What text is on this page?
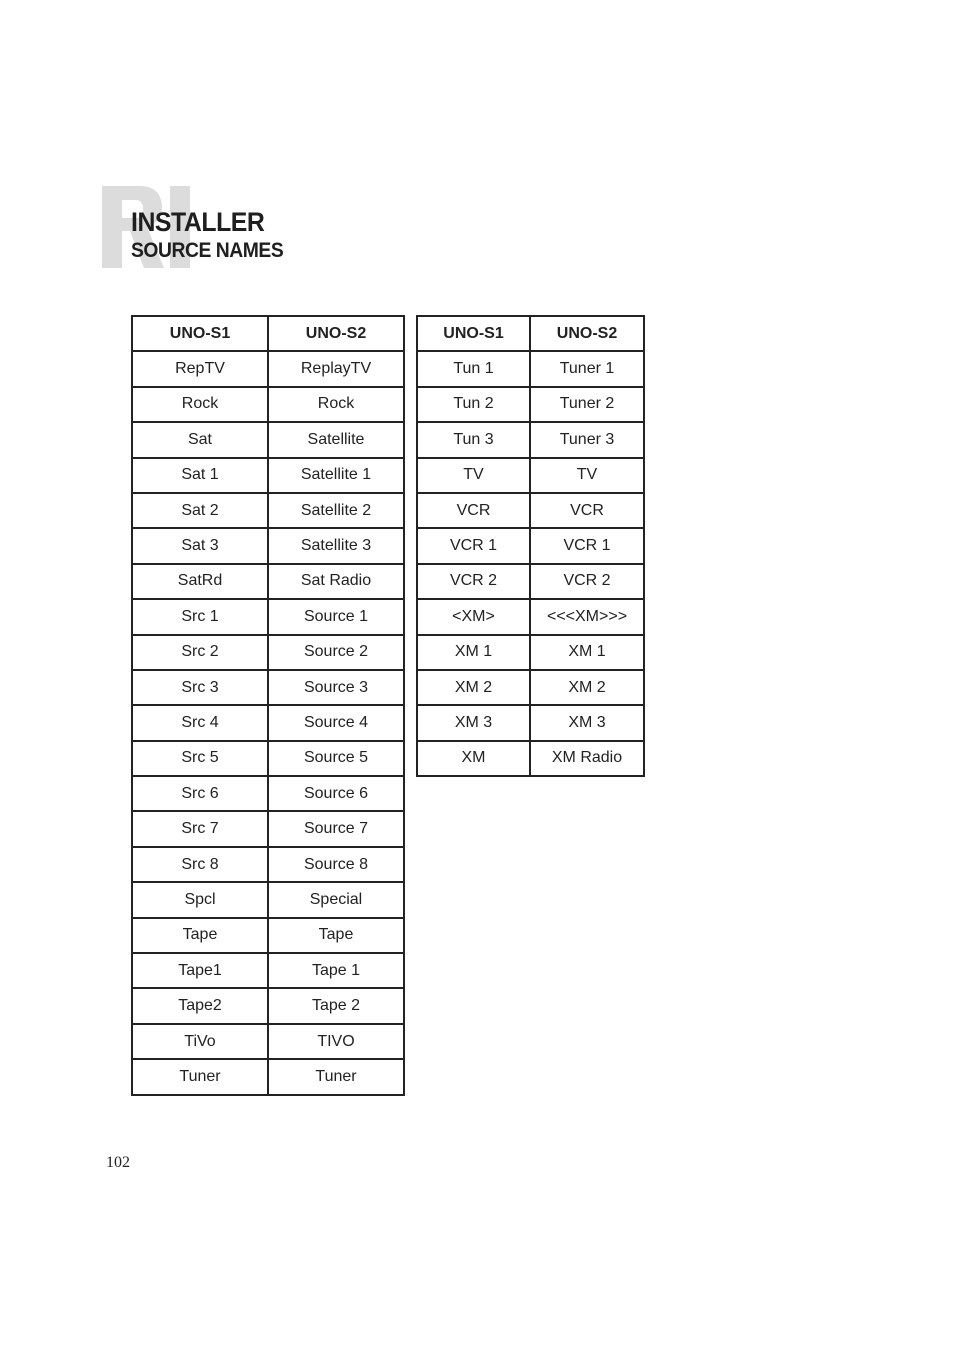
INSTALLER
SOURCE NAMES
UNO-S1	UNO-S2
RepTV	ReplayTV
Rock	Rock
Sat	Satellite
Sat 1	Satellite 1
Sat 2	Satellite 2
Sat 3	Satellite 3
SatRd	Sat Radio
Src 1	Source 1
Src 2	Source 2
Src 3	Source 3
Src 4	Source 4
Src 5	Source 5
Src 6	Source 6
Src 7	Source 7
Src 8	Source 8
Spcl	Special
Tape	Tape
Tape1	Tape 1
Tape2	Tape 2
TiVo	TIVO
Tuner	Tuner
UNO-S1	UNO-S2
Tun 1	Tuner 1
Tun 2	Tuner 2
Tun 3	Tuner 3
TV	TV
VCR	VCR
VCR 1	VCR 1
VCR 2	VCR 2
<XM>	<<<XM>>>
XM 1	XM 1
XM 2	XM 2
XM 3	XM 3
XM	XM Radio
102
